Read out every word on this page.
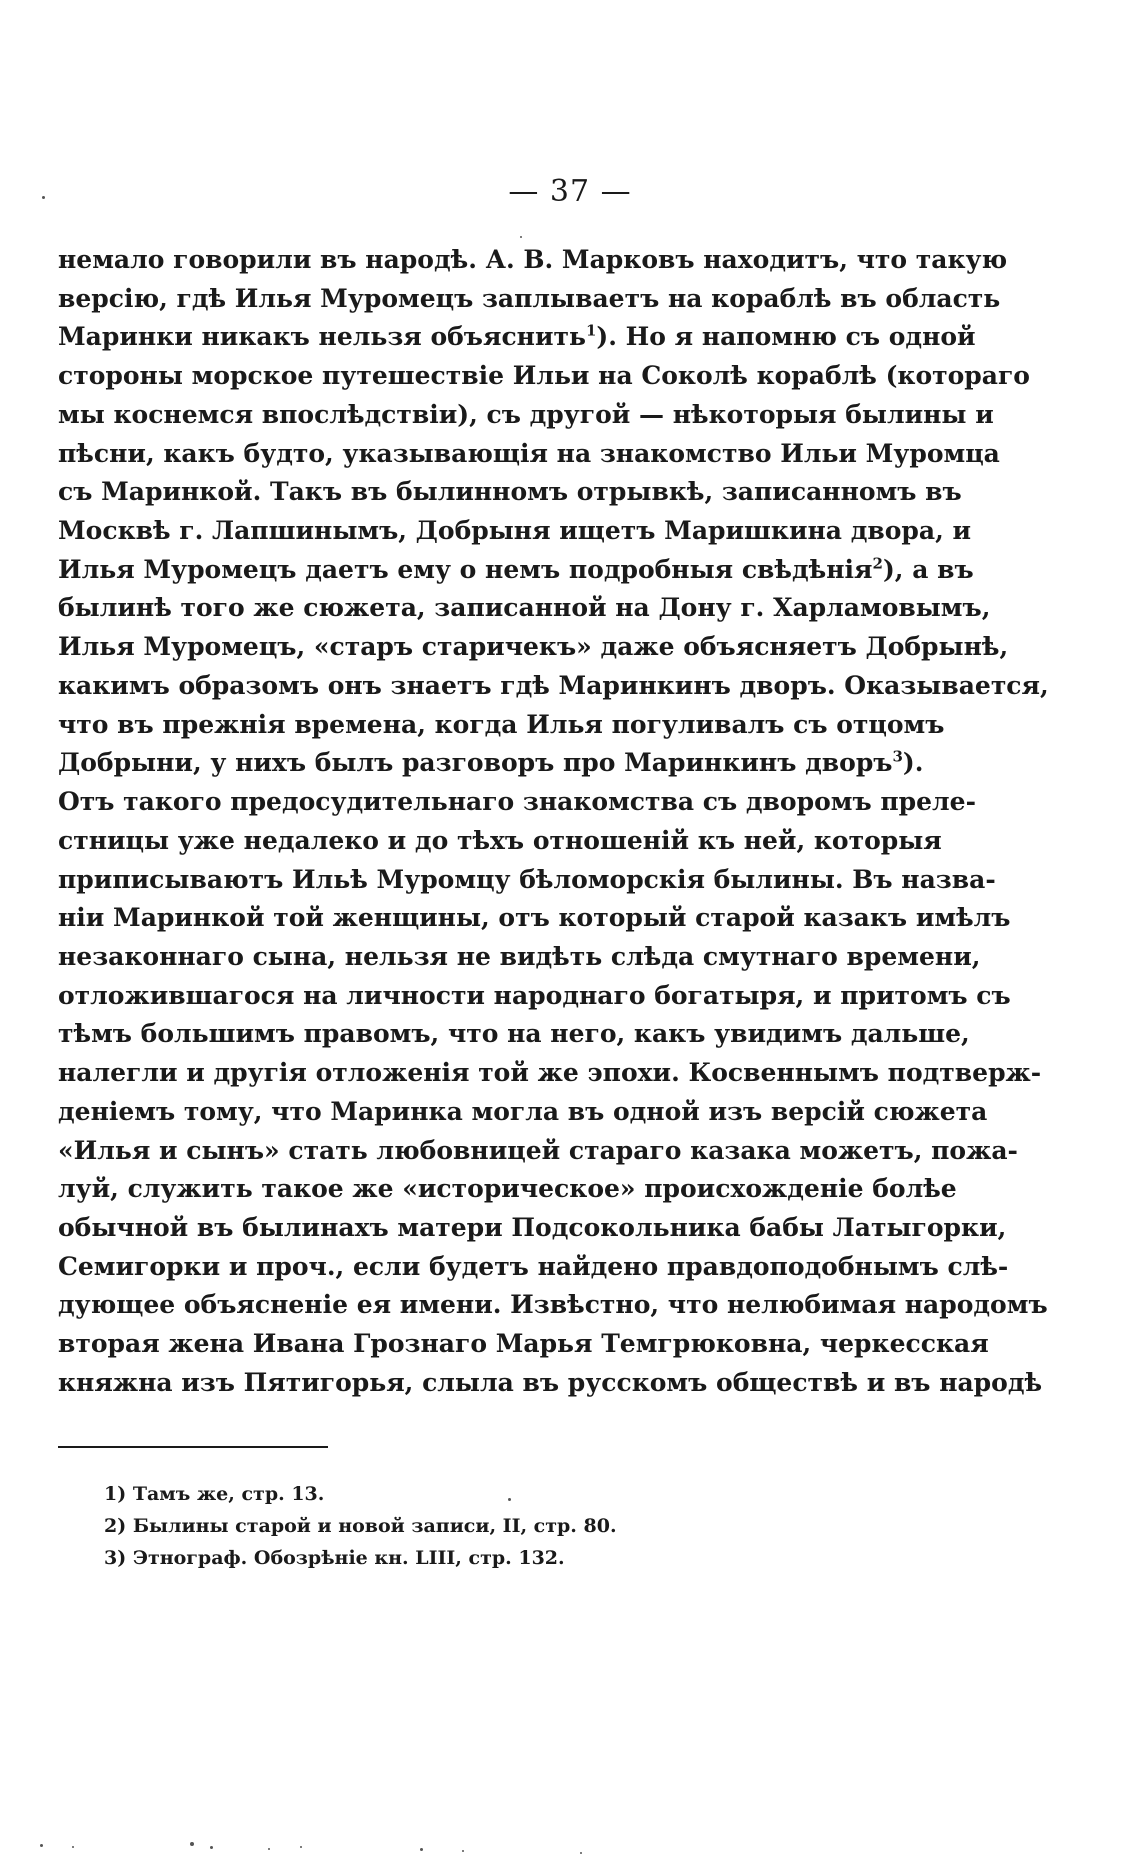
— 37 —
немало говорили въ народѣ. А. В. Марковъ находитъ, что такую
версію, гдѣ Илья Муромецъ заплываетъ на кораблѣ въ область
Маринки никакъ нельзя объяснить$^1$). Но я напомню съ одной
стороны морское путешествіе Ильи на Соколѣ кораблѣ (котораго
мы коснемся впослѣдствіи), съ другой — нѣкоторыя былины и
пѣсни, какъ будто, указывающія на знакомство Ильи Муромца
съ Маринкой. Такъ въ былинномъ отрывкѣ, записанномъ въ
Москвѣ г. Лапшинымъ, Добрыня ищетъ Маришкина двора, и
Илья Муромецъ даетъ ему о немъ подробныя свѣдѣнія$^2$), а въ
былинѣ того же сюжета, записанной на Дону г. Харламовымъ,
Илья Муромецъ, «старъ старичекъ» даже объясняетъ Добрынѣ,
какимъ образомъ онъ знаетъ гдѣ Маринкинъ дворъ. Оказывается,
что въ прежнія времена, когда Илья погуливалъ съ отцомъ
Добрыни, у нихъ былъ разговоръ про Маринкинъ дворъ$^3$).
Отъ такого предосудительнаго знакомства съ дворомъ преле-
стницы уже недалеко и до тѣхъ отношеній къ ней, которыя
приписываютъ Ильѣ Муромцу бѣломорскія былины. Въ назва-
ніи Маринкой той женщины, отъ который старой казакъ имѣлъ
незаконнаго сына, нельзя не видѣть слѣда смутнаго времени,
отложившагося на личности народнаго богатыря, и притомъ съ
тѣмъ большимъ правомъ, что на него, какъ увидимъ дальше,
налегли и другія отложенія той же эпохи. Косвеннымъ подтверж-
деніемъ тому, что Маринка могла въ одной изъ версій сюжета
«Илья и сынъ» стать любовницей стараго казака можетъ, пожа-
луй, служить такое же «историческое» происхожденіе болѣе
обычной въ былинахъ матери Подсокольника бабы Латыгорки,
Семигорки и проч., если будетъ найдено правдоподобнымъ слѣ-
дующее объясненіе ея имени. Извѣстно, что нелюбимая народомъ
вторая жена Ивана Грознаго Марья Темгрюковна, черкесская
княжна изъ Пятигорья, слыла въ русскомъ обществѣ и въ народѣ
1) Тамъ же, стр. 13.
2) Былины старой и новой записи, II, стр. 80.
3) Этнограф. Обозрѣніе кн. LIII, стр. 132.
